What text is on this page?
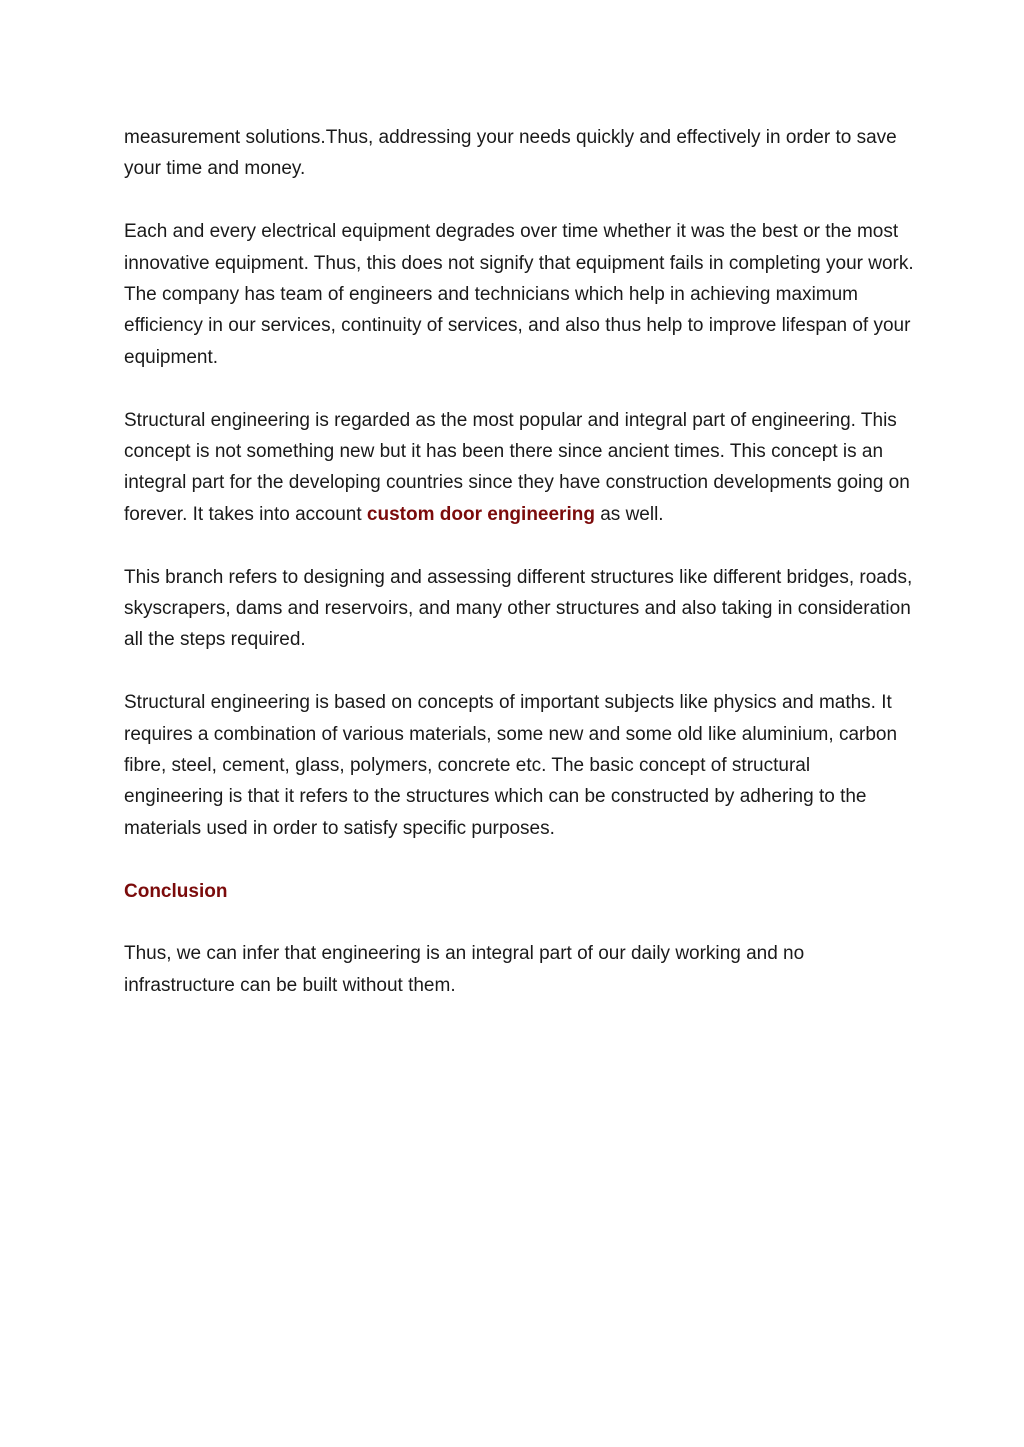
measurement solutions.Thus, addressing your needs quickly and effectively in order to save your time and money.

Each and every electrical equipment degrades over time whether it was the best or the most innovative equipment. Thus, this does not signify that equipment fails in completing your work. The company has team of engineers and technicians which help in achieving maximum efficiency in our services, continuity of services, and also thus help to improve lifespan of your equipment.

Structural engineering is regarded as the most popular and integral part of engineering. This concept is not something new but it has been there since ancient times. This concept is an integral part for the developing countries since they have construction developments going on forever. It takes into account custom door engineering as well.

This branch refers to designing and assessing different structures like different bridges, roads, skyscrapers, dams and reservoirs, and many other structures and also taking in consideration all the steps required.

Structural engineering is based on concepts of important subjects like physics and maths. It requires a combination of various materials, some new and some old like aluminium, carbon fibre, steel, cement, glass, polymers, concrete etc. The basic concept of structural engineering is that it refers to the structures which can be constructed by adhering to the materials used in order to satisfy specific purposes.

Conclusion

Thus, we can infer that engineering is an integral part of our daily working and no infrastructure can be built without them.
